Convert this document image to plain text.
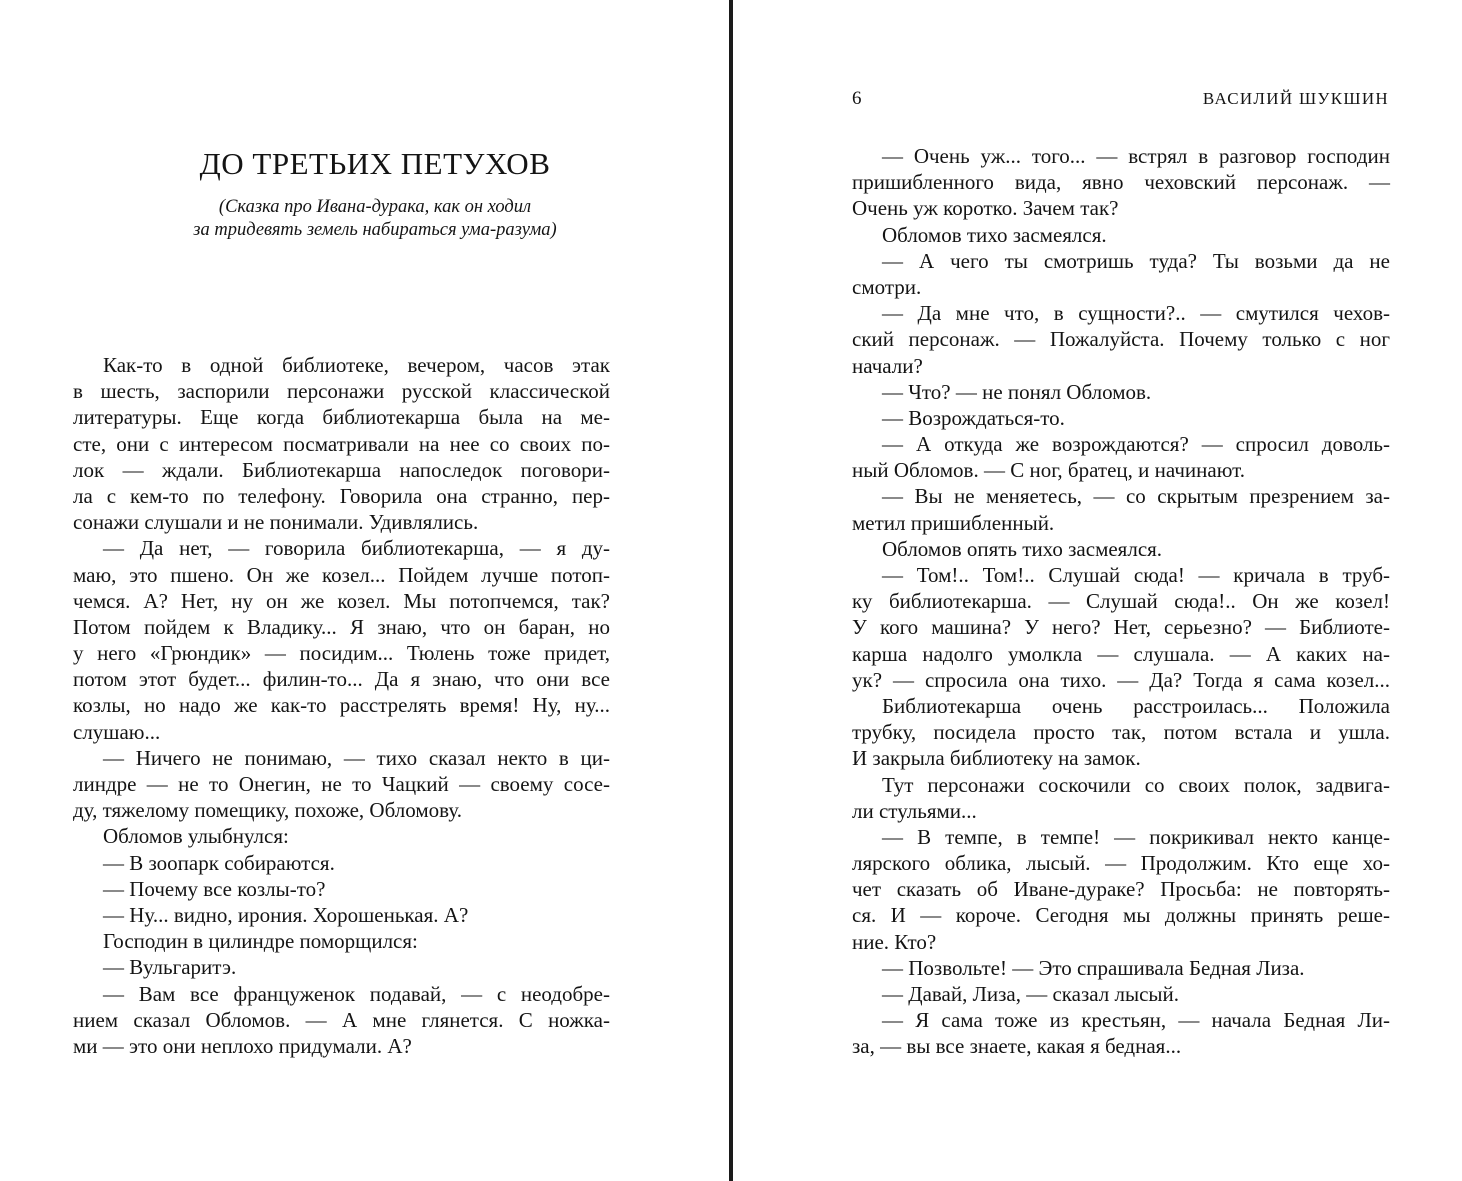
ДО ТРЕТЬИХ ПЕТУХОВ

(Сказка про Ивана-дурака, как он ходил
за тридевять земель набираться ума-разума)

Как-то в одной библиотеке, вечером, часов этак
в шесть, заспорили персонажи русской классической
литературы. Еще когда библиотекарша была на ме-
сте, они с интересом посматривали на нее со своих по-
лок — ждали. Библиотекарша напоследок поговори-
ла с кем-то по телефону. Говорила она странно, пер-
сонажи слушали и не понимали. Удивлялись.
— Да нет, — говорила библиотекарша, — я ду-
маю, это пшено. Он же козел... Пойдем лучше потоп-
чемся. А? Нет, ну он же козел. Мы потопчемся, так?
Потом пойдем к Владику... Я знаю, что он баран, но
у него «Грюндик» — посидим... Тюлень тоже придет,
потом этот будет... филин-то... Да я знаю, что они все
козлы, но надо же как-то расстрелять время! Ну, ну...
слушаю...
— Ничего не понимаю, — тихо сказал некто в ци-
линдре — не то Онегин, не то Чацкий — своему сосе-
ду, тяжелому помещику, похоже, Обломову.
Обломов улыбнулся:
— В зоопарк собираются.
— Почему все козлы-то?
— Ну... видно, ирония. Хорошенькая. А?
Господин в цилиндре поморщился:
— Вульгаритэ.
— Вам все француженок подавай, — с неодобре-
нием сказал Обломов. — А мне глянется. С ножка-
ми — это они неплохо придумали. А?

6	ВАСИЛИЙ ШУКШИН

— Очень уж... того... — встрял в разговор господин
пришибленного вида, явно чеховский персонаж. —
Очень уж коротко. Зачем так?
Обломов тихо засмеялся.
— А чего ты смотришь туда? Ты возьми да не
смотри.
— Да мне что, в сущности?.. — смутился чехов-
ский персонаж. — Пожалуйста. Почему только с ног
начали?
— Что? — не понял Обломов.
— Возрождаться-то.
— А откуда же возрождаются? — спросил доволь-
ный Обломов. — С ног, братец, и начинают.
— Вы не меняетесь, — со скрытым презрением за-
метил пришибленный.
Обломов опять тихо засмеялся.
— Том!.. Том!.. Слушай сюда! — кричала в труб-
ку библиотекарша. — Слушай сюда!.. Он же козел!
У кого машина? У него? Нет, серьезно? — Библиоте-
карша надолго умолкла — слушала. — А каких на-
ук? — спросила она тихо. — Да? Тогда я сама козел...
Библиотекарша очень расстроилась... Положила
трубку, посидела просто так, потом встала и ушла.
И закрыла библиотеку на замок.
Тут персонажи соскочили со своих полок, задвига-
ли стульями...
— В темпе, в темпе! — покрикивал некто канце-
лярского облика, лысый. — Продолжим. Кто еще хо-
чет сказать об Иване-дураке? Просьба: не повторять-
ся. И — короче. Сегодня мы должны принять реше-
ние. Кто?
— Позвольте! — Это спрашивала Бедная Лиза.
— Давай, Лиза, — сказал лысый.
— Я сама тоже из крестьян, — начала Бедная Ли-
за, — вы все знаете, какая я бедная...
